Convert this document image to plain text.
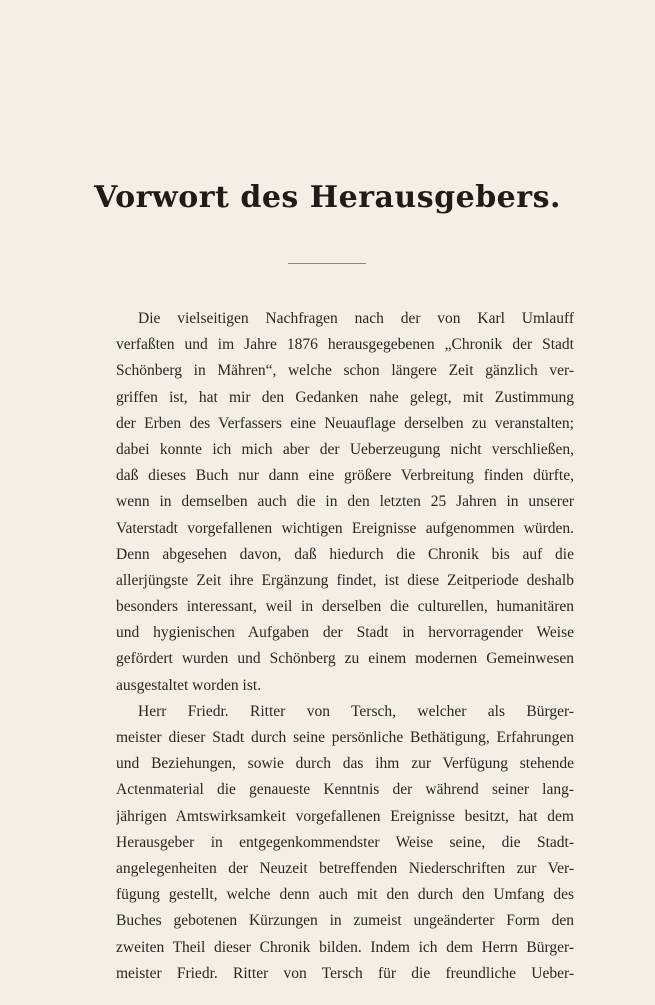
Vorwort des Herausgebers.
Die vielseitigen Nachfragen nach der von Karl Umlauff
verfaßten und im Jahre 1876 herausgegebenen „Chronik der Stadt
Schönberg in Mähren“, welche schon längere Zeit gänzlich ver-
griffen ist, hat mir den Gedanken nahe gelegt, mit Zustimmung
der Erben des Verfassers eine Neuauflage derselben zu veranstalten;
dabei konnte ich mich aber der Ueberzeugung nicht verschließen,
daß dieses Buch nur dann eine größere Verbreitung finden dürfte,
wenn in demselben auch die in den letzten 25 Jahren in unserer
Vaterstadt vorgefallenen wichtigen Ereignisse aufgenommen würden.
Denn abgesehen davon, daß hiedurch die Chronik bis auf die
allerjüngste Zeit ihre Ergänzung findet, ist diese Zeitperiode deshalb
besonders interessant, weil in derselben die culturellen, humanitären
und hygienischen Aufgaben der Stadt in hervorragender Weise
gefördert wurden und Schönberg zu einem modernen Gemeinwesen
ausgestaltet worden ist.
Herr Friedr. Ritter von Tersch, welcher als Bürger-
meister dieser Stadt durch seine persönliche Bethätigung, Erfahrungen
und Beziehungen, sowie durch das ihm zur Verfügung stehende
Actenmaterial die genaueste Kenntnis der während seiner lang-
jährigen Amtswirksamkeit vorgefallenen Ereignisse besitzt, hat dem
Herausgeber in entgegenkommendster Weise seine, die Stadt-
angelegenheiten der Neuzeit betreffenden Niederschriften zur Ver-
fügung gestellt, welche denn auch mit den durch den Umfang des
Buches gebotenen Kürzungen in zumeist ungeänderter Form den
zweiten Theil dieser Chronik bilden. Indem ich dem Herrn Bürger-
meister Friedr. Ritter von Tersch für die freundliche Ueber-
